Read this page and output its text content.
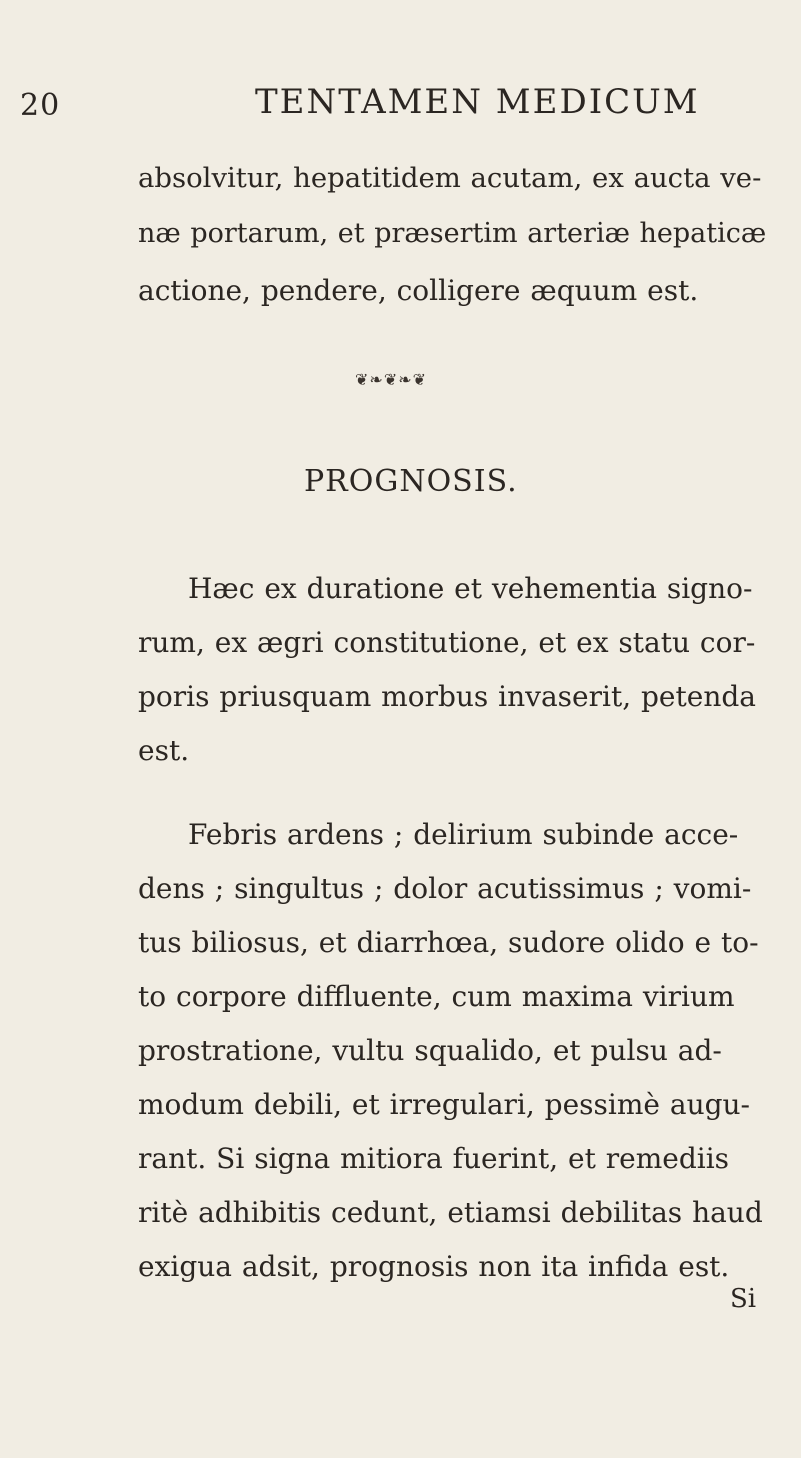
20	TENTAMEN MEDICUM
absolvitur, hepatitidem acutam, ex aucta ve-
næ portarum, et præsertim arteriæ hepaticæ
actione, pendere, colligere æquum est.
❦❧❦❧❦
PROGNOSIS.
Hæc ex duratione et vehementia signo-
rum, ex ægri constitutione, et ex statu cor-
poris priusquam morbus invaserit, petenda
est.
Febris ardens ; delirium subinde acce-
dens ; singultus ; dolor acutissimus ; vomi-
tus biliosus, et diarrhœa, sudore olido e to-
to corpore diffluente, cum maxima virium
prostratione, vultu squalido, et pulsu ad-
modum debili, et irregulari, pessimè augu-
rant. Si signa mitiora fuerint, et remediis
ritè adhibitis cedunt, etiamsi debilitas haud
exigua adsit, prognosis non ita infida est.
Si
